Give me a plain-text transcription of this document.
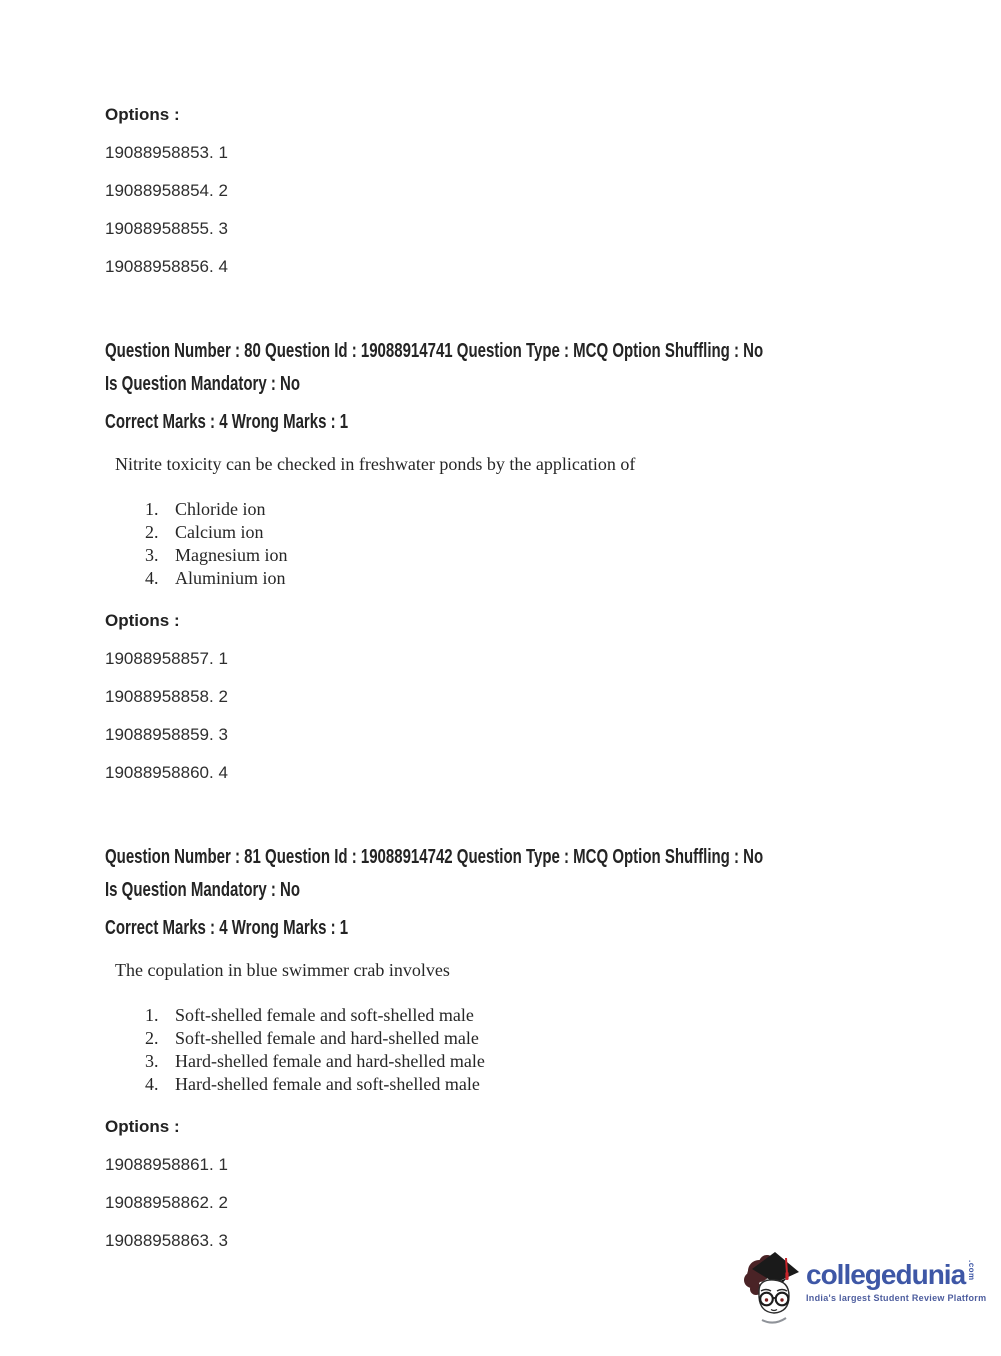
Options :

19088958853. 1

19088958854. 2

19088958855. 3

19088958856. 4

Question Number : 80 Question Id : 19088914741 Question Type : MCQ Option Shuffling : No

Is Question Mandatory : No

Correct Marks : 4 Wrong Marks : 1

Nitrite toxicity can be checked in freshwater ponds by the application of

1. Chloride ion
2. Calcium ion
3. Magnesium ion
4. Aluminium ion

Options :

19088958857. 1

19088958858. 2

19088958859. 3

19088958860. 4

Question Number : 81 Question Id : 19088914742 Question Type : MCQ Option Shuffling : No

Is Question Mandatory : No

Correct Marks : 4 Wrong Marks : 1

The copulation in blue swimmer crab involves

1. Soft-shelled female and soft-shelled male
2. Soft-shelled female and hard-shelled male
3. Hard-shelled female and hard-shelled male
4. Hard-shelled female and soft-shelled male

Options :

19088958861. 1

19088958862. 2

19088958863. 3

collegedunia .com
India's largest Student Review Platform
